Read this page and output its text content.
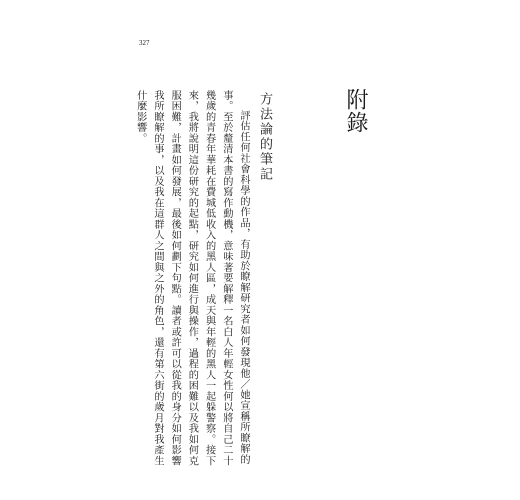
327
附錄
方法論的筆記

評估任何社會科學的作品，有助於瞭解研究者如何發現他／她宣稱所瞭解的事。至於釐清本書的寫作動機，意味著要解釋一名白人年輕女性何以將自己二十幾歲的青春年華耗在費城低收入的黑人區，成天與年輕的黑人一起躲警察。接下來，我將說明這份研究的起點，研究如何進行與操作，過程的困難以及我如何克服困難，計畫如何發展，最後如何劃下句點。讀者或許可以從我的身分如何影響我所瞭解的事，以及我在這群人之間與之外的角色，還有第六街的歲月對我產生什麼影響。
